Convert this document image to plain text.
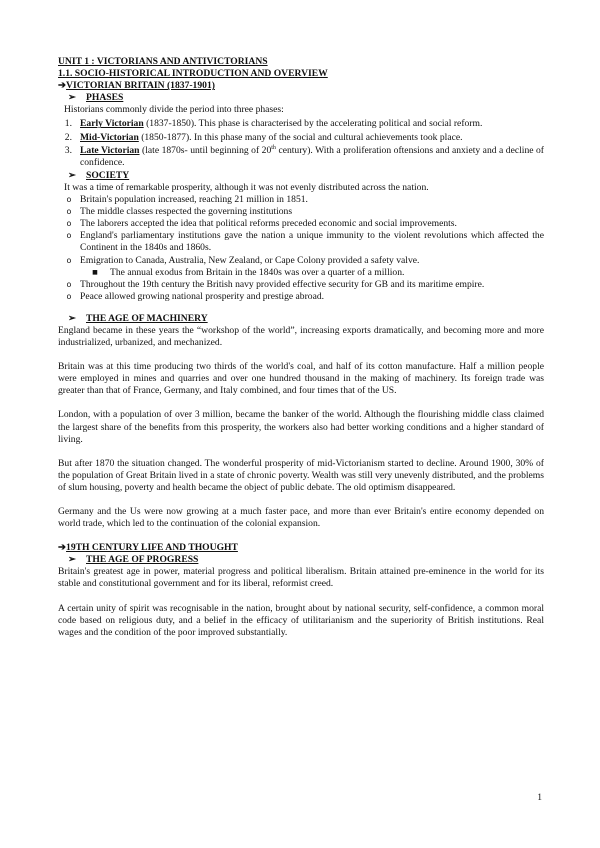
UNIT 1 : VICTORIANS AND ANTIVICTORIANS
1.1. SOCIO-HISTORICAL INTRODUCTION AND OVERVIEW
➔VICTORIAN BRITAIN (1837-1901)
➢	PHASES

Historians commonly divide the period into three phases:

1. Early Victorian (1837-1850). This phase is characterised by the accelerating political and social reform.
2. Mid-Victorian (1850-1877). In this phase many of the social and cultural achievements took place.
3. Late Victorian (late 1870s- until beginning of 20th century). With a proliferation oftensions and anxiety and a decline of confidence.
➢	SOCIETY

It was a time of remarkable prosperity, although it was not evenly distributed across the nation.

o Britain's population increased, reaching 21 million in 1851.
o The middle classes respected the governing institutions
o The laborers accepted the idea that political reforms preceded economic and social improvements.
o England's parliamentary institutions gave the nation a unique immunity to the violent revolutions which affected the Continent in the 1840s and 1860s.
o Emigration to Canada, Australia, New Zealand, or Cape Colony provided a safety valve.
■	The annual exodus from Britain in the 1840s was over a quarter of a million.
o Throughout the 19th century the British navy provided effective security for GB and its maritime empire.
o Peace allowed growing national prosperity and prestige abroad.
➢	THE AGE OF MACHINERY

England became in these years the “workshop of the world”, increasing exports dramatically, and becoming more and more industrialized, urbanized, and mechanized.

Britain was at this time producing two thirds of the world's coal, and half of its cotton manufacture. Half a million people were employed in mines and quarries and over one hundred thousand in the making of machinery. Its foreign trade was greater than that of France, Germany, and Italy combined, and four times that of the US.

London, with a population of over 3 million, became the banker of the world. Although the flourishing middle class claimed the largest share of the benefits from this prosperity, the workers also had better working conditions and a higher standard of living.

But after 1870 the situation changed. The wonderful prosperity of mid-Victorianism started to decline. Around 1900, 30% of the population of Great Britain lived in a state of chronic poverty. Wealth was still very unevenly distributed, and the problems of slum housing, poverty and health became the object of public debate. The old optimism disappeared.

Germany and the Us were now growing at a much faster pace, and more than ever Britain's entire economy depended on world trade, which led to the continuation of the colonial expansion.

➔19TH CENTURY LIFE AND THOUGHT
➢	THE AGE OF PROGRESS

Britain's greatest age in power, material progress and political liberalism. Britain attained pre-eminence in the world for its stable and constitutional government and for its liberal, reformist creed.

A certain unity of spirit was recognisable in the nation, brought about by national security, self-confidence, a common moral code based on religious duty, and a belief in the efficacy of utilitarianism and the superiority of British institutions. Real wages and the condition of the poor improved substantially.

1
